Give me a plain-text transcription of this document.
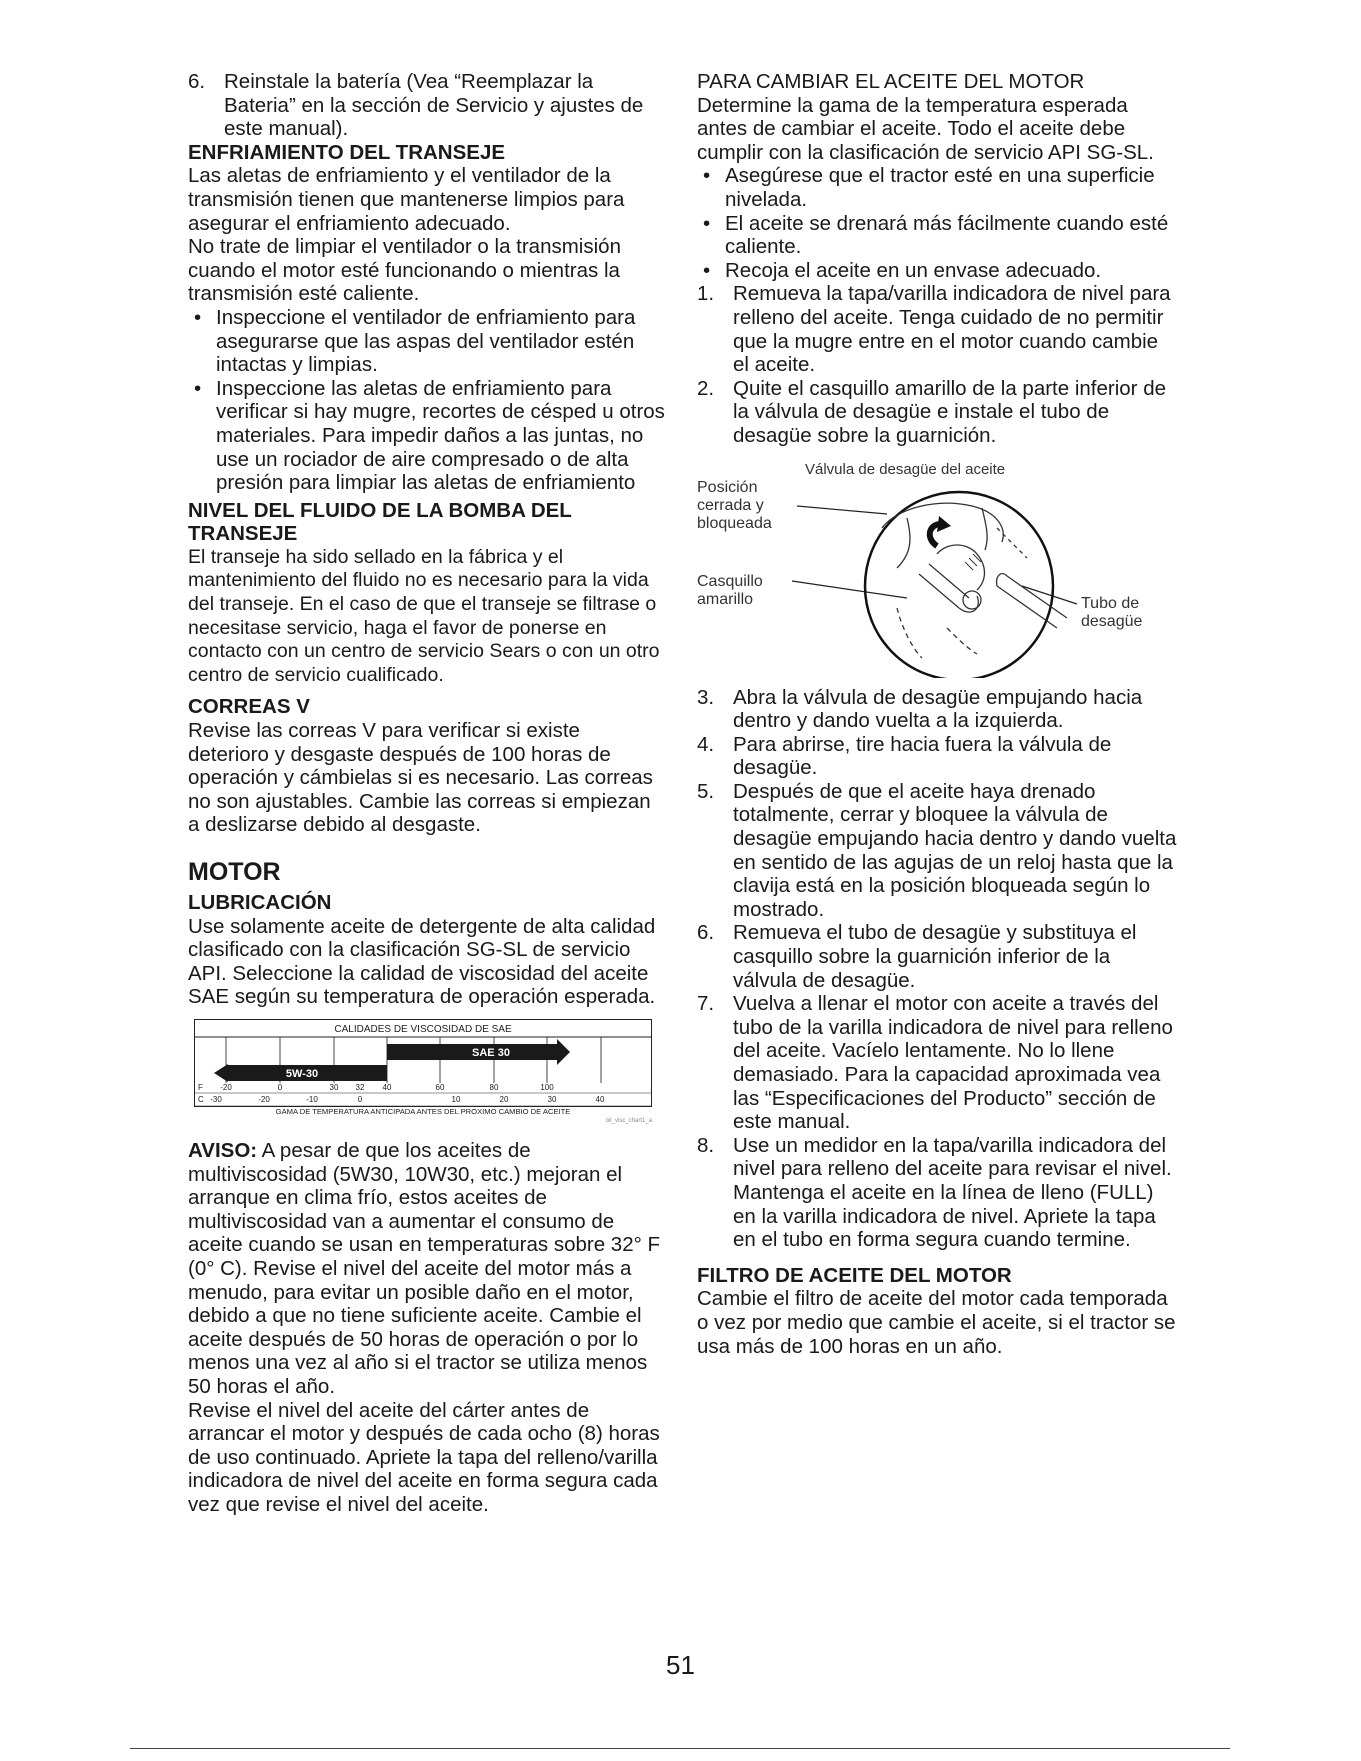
6. Reinstale la batería (Vea “Reemplazar la Bateria” en la sección de Servicio y ajustes de este manual).
ENFRIAMIENTO DEL TRANSEJE

Las aletas de enfriamiento y el ventilador de la transmisión tienen que mantenerse limpios para asegurar el enfriamiento adecuado.

No trate de limpiar el ventilador o la transmisión cuando el motor esté funcionando o mientras la transmisión esté caliente.

• Inspeccione el ventilador de enfriamiento para asegurarse que las aspas del ventilador estén intactas y limpias.
• Inspeccione las aletas de enfriamiento para verificar si hay mugre, recortes de césped u otros materiales. Para impedir daños a las juntas, no use un rociador de aire compresado o de alta presión para limpiar las aletas de enfriamiento
NIVEL DEL FLUIDO DE LA BOMBA DEL TRANSEJE

El transeje ha sido sellado en la fábrica y el mantenimiento del fluido no es necesario para la vida del transeje. En el caso de que el transeje se filtrase o necesitase servicio, haga el favor de ponerse en contacto con un centro de servicio Sears o con un otro centro de servicio cualificado.

CORREAS V

Revise las correas V para verificar si existe deterioro y desgaste después de 100 horas de operación y cámbielas si es necesario. Las correas no son ajustables. Cambie las correas si empiezan a deslizarse debido al desgaste.

MOTOR
LUBRICACIÓN

Use solamente aceite de detergente de alta calidad clasificado con la clasificación SG-SL de servicio API. Seleccione la calidad de viscosidad del aceite SAE según su temperatura de operación esperada.

CALIDADES DE VISCOSIDAD DE SAE
SAE 30
5W-30
F -20	0	30 32 40	60	80	100
C -30	-20	-10	0	10	20	30	40
GAMA DE TEMPERATURA ANTICIPADA ANTES DEL PROXIMO CAMBIO DE ACEITE
oil_visc_chart1_a

AVISO: A pesar de que los aceites de multiviscosidad (5W30, 10W30, etc.) mejoran el arranque en clima frío, estos aceites de multiviscosidad van a aumentar el consumo de aceite cuando se usan en temperaturas sobre 32° F (0° C). Revise el nivel del aceite del motor más a menudo, para evitar un posible daño en el motor, debido a que no tiene suficiente aceite. Cambie el aceite después de 50 horas de operación o por lo menos una vez al año si el tractor se utiliza menos 50 horas el año.

Revise el nivel del aceite del cárter antes de arrancar el motor y después de cada ocho (8) horas de uso continuado. Apriete la tapa del relleno/varilla indicadora de nivel del aceite en forma segura cada vez que revise el nivel del aceite.

PARA CAMBIAR EL ACEITE DEL MOTOR

Determine la gama de la temperatura esperada antes de cambiar el aceite. Todo el aceite debe cumplir con la clasificación de servicio API SG-SL.

• Asegúrese que el tractor esté en una superficie nivelada.
• El aceite se drenará más fácilmente cuando esté caliente.
• Recoja el aceite en un envase adecuado.
1. Remueva la tapa/varilla indicadora de nivel para relleno del aceite. Tenga cuidado de no permitir que la mugre entre en el motor cuando cambie el aceite.
2. Quite el casquillo amarillo de la parte inferior de la válvula de desagüe e instale el tubo de desagüe sobre la guarnición.
Válvula de desagüe del aceite
Posición
cerrada y
bloqueada
Casquillo
amarillo	Tubo de
desagüe
3. Abra la válvula de desagüe empujando hacia dentro y dando vuelta a la izquierda.
4. Para abrirse, tire hacia fuera la válvula de desagüe.
5. Después de que el aceite haya drenado totalmente, cerrar y bloquee la válvula de desagüe empujando hacia dentro y dando vuelta en sentido de las agujas de un reloj hasta que la clavija está en la posición bloqueada según lo mostrado.
6. Remueva el tubo de desagüe y substituya el casquillo sobre la guarnición inferior de la válvula de desagüe.
7. Vuelva a llenar el motor con aceite a través del tubo de la varilla indicadora de nivel para relleno del aceite. Vacíelo lentamente. No lo llene demasiado. Para la capacidad aproximada vea las “Especificaciones del Producto” sección de este manual.
8. Use un medidor en la tapa/varilla indicadora del nivel para relleno del aceite para revisar el nivel. Mantenga el aceite en la línea de lleno (FULL) en la varilla indicadora de nivel. Apriete la tapa en el tubo en forma segura cuando termine.
FILTRO DE ACEITE DEL MOTOR

Cambie el filtro de aceite del motor cada temporada o vez por medio que cambie el aceite, si el tractor se usa más de 100 horas en un año.

51
